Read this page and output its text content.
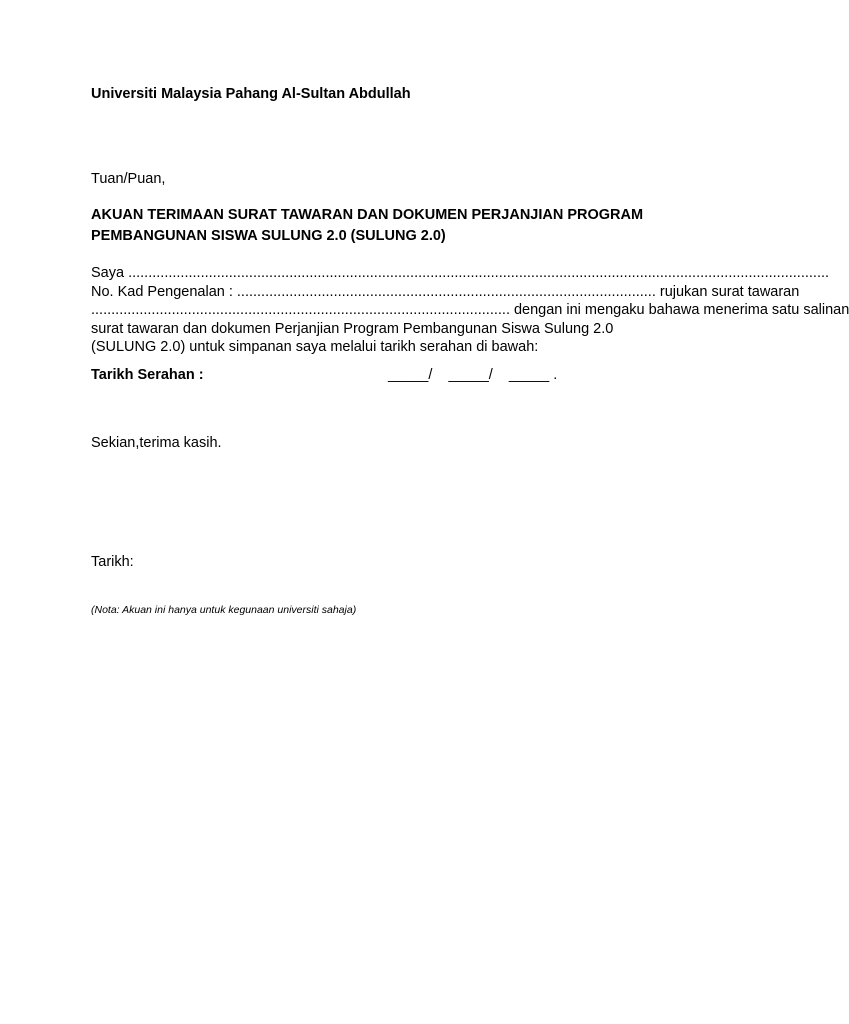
Universiti Malaysia Pahang Al-Sultan Abdullah
Tuan/Puan,
AKUAN TERIMAAN SURAT TAWARAN DAN DOKUMEN PERJANJIAN PROGRAM
PEMBANGUNAN SISWA SULUNG 2.0 (SULUNG 2.0)
Saya ..............................................................................................................................................................................
No. Kad Pengenalan : ........................................................................................................ rujukan surat tawaran
........................................................................................................ dengan ini mengaku bahawa menerima satu salinan
surat tawaran dan dokumen Perjanjian Program Pembangunan Siswa Sulung 2.0
(SULUNG 2.0) untuk simpanan saya melalui tarikh serahan di bawah:
Tarikh Serahan :	_____/    _____/    _____ .
Sekian,terima kasih.
Tarikh:
(Nota: Akuan ini hanya untuk kegunaan universiti sahaja)
